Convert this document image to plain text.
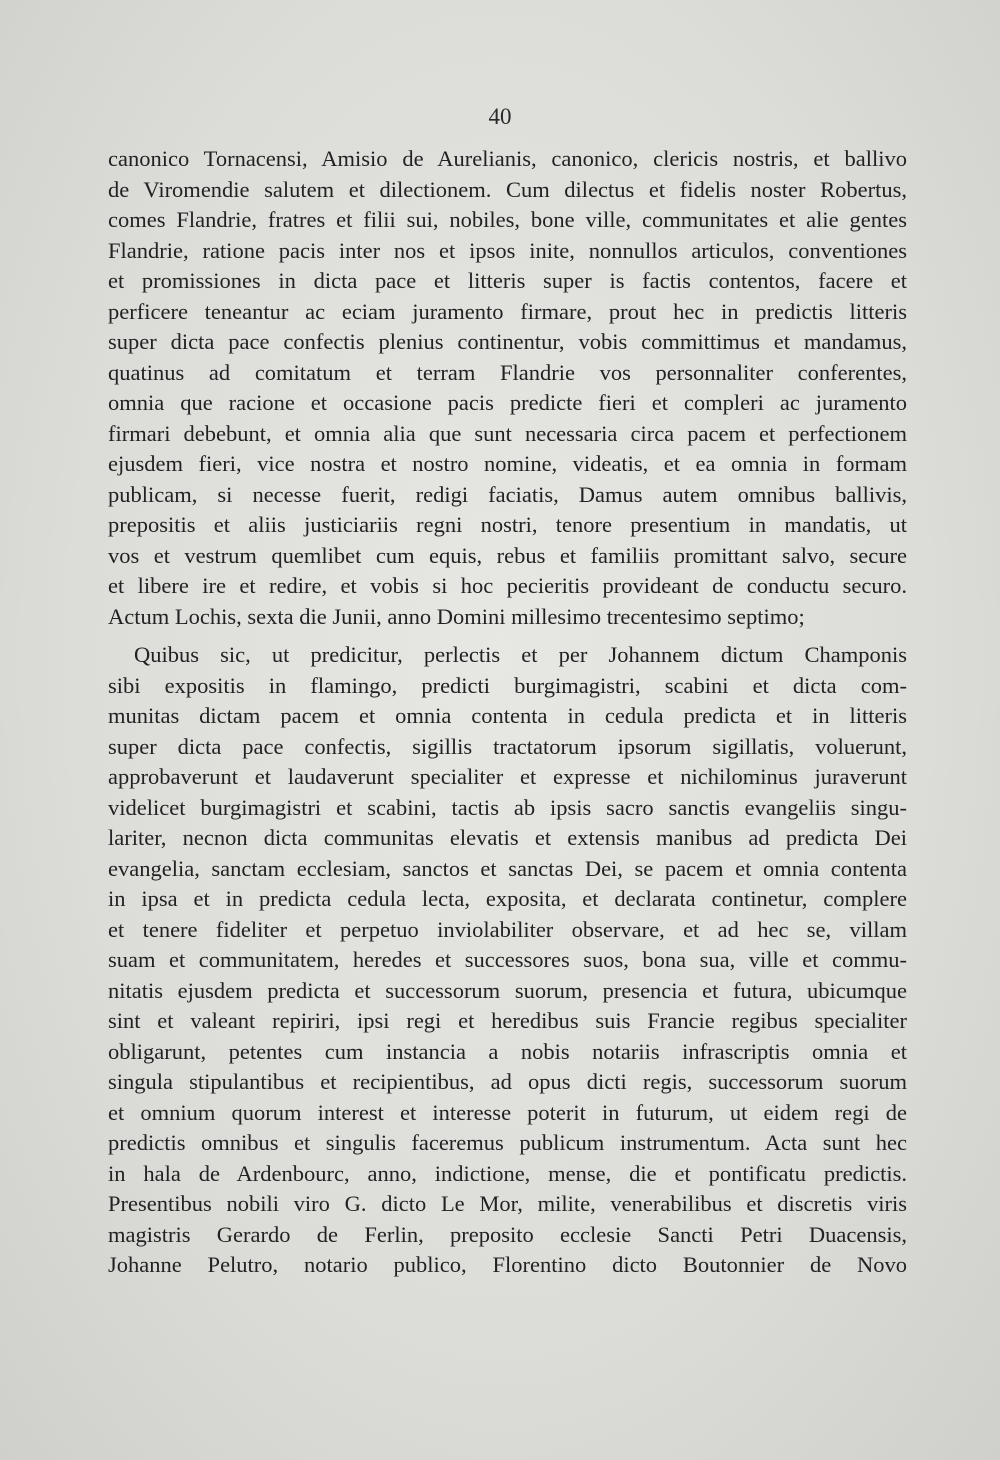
40
canonico Tornacensi, Amisio de Aurelianis, canonico, clericis nostris, et ballivo
de Viromendie salutem et dilectionem. Cum dilectus et fidelis noster Robertus,
comes Flandrie, fratres et filii sui, nobiles, bone ville, communitates et alie gentes
Flandrie, ratione pacis inter nos et ipsos inite, nonnullos articulos, conventiones
et promissiones in dicta pace et litteris super is factis contentos, facere et
perficere teneantur ac eciam juramento firmare, prout hec in predictis litteris
super dicta pace confectis plenius continentur, vobis committimus et mandamus,
quatinus ad comitatum et terram Flandrie vos personnaliter conferentes,
omnia que racione et occasione pacis predicte fieri et compleri ac juramento
firmari debebunt, et omnia alia que sunt necessaria circa pacem et perfectionem
ejusdem fieri, vice nostra et nostro nomine, videatis, et ea omnia in formam
publicam, si necesse fuerit, redigi faciatis, Damus autem omnibus ballivis,
prepositis et aliis justiciariis regni nostri, tenore presentium in mandatis, ut
vos et vestrum quemlibet cum equis, rebus et familiis promittant salvo, secure
et libere ire et redire, et vobis si hoc pecieritis provideant de conductu securo.
Actum Lochis, sexta die Junii, anno Domini millesimo trecentesimo septimo;
Quibus sic, ut predicitur, perlectis et per Johannem dictum Champonis
sibi expositis in flamingo, predicti burgimagistri, scabini et dicta com-
munitas dictam pacem et omnia contenta in cedula predicta et in litteris
super dicta pace confectis, sigillis tractatorum ipsorum sigillatis, voluerunt,
approbaverunt et laudaverunt specialiter et expresse et nichilominus juraverunt
videlicet burgimagistri et scabini, tactis ab ipsis sacro sanctis evangeliis singu-
lariter, necnon dicta communitas elevatis et extensis manibus ad predicta Dei
evangelia, sanctam ecclesiam, sanctos et sanctas Dei, se pacem et omnia contenta
in ipsa et in predicta cedula lecta, exposita, et declarata continetur, complere
et tenere fideliter et perpetuo inviolabiliter observare, et ad hec se, villam
suam et communitatem, heredes et successores suos, bona sua, ville et commu-
nitatis ejusdem predicta et successorum suorum, presencia et futura, ubicumque
sint et valeant repiriri, ipsi regi et heredibus suis Francie regibus specialiter
obligarunt, petentes cum instancia a nobis notariis infrascriptis omnia et
singula stipulantibus et recipientibus, ad opus dicti regis, successorum suorum
et omnium quorum interest et interesse poterit in futurum, ut eidem regi de
predictis omnibus et singulis faceremus publicum instrumentum. Acta sunt hec
in hala de Ardenbourc, anno, indictione, mense, die et pontificatu predictis.
Presentibus nobili viro G. dicto Le Mor, milite, venerabilibus et discretis viris
magistris Gerardo de Ferlin, preposito ecclesie Sancti Petri Duacensis,
Johanne Pelutro, notario publico, Florentino dicto Boutonnier de Novo
